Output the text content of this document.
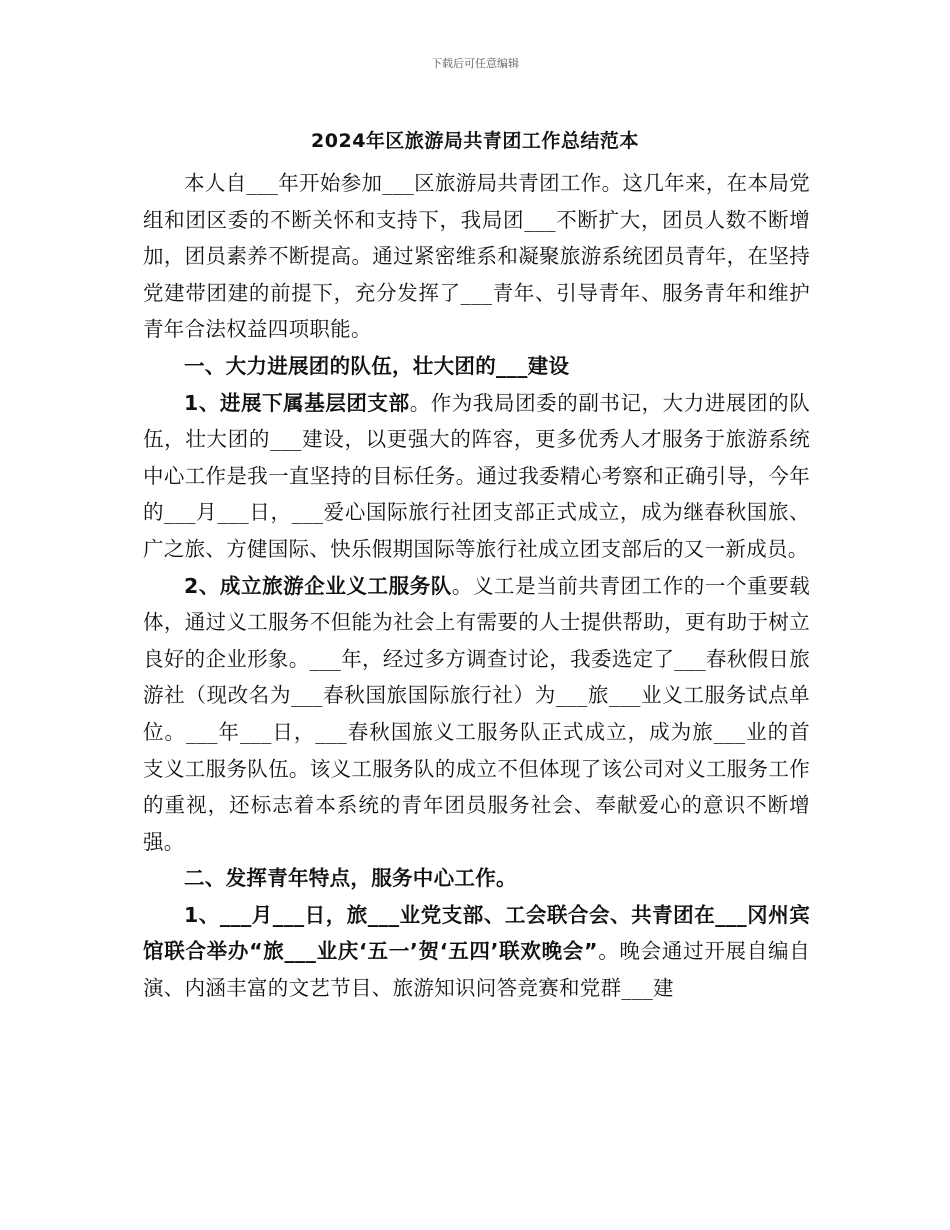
下载后可任意编辑
2024年区旅游局共青团工作总结范本

本人自___年开始参加___区旅游局共青团工作。这几年来，在本局党组和团区委的不断关怀和支持下，我局团___不断扩大，团员人数不断增加，团员素养不断提高。通过紧密维系和凝聚旅游系统团员青年，在坚持党建带团建的前提下，充分发挥了___青年、引导青年、服务青年和维护青年合法权益四项职能。

一、大力进展团的队伍，壮大团的___建设

1、进展下属基层团支部。作为我局团委的副书记，大力进展团的队伍，壮大团的___建设，以更强大的阵容，更多优秀人才服务于旅游系统中心工作是我一直坚持的目标任务。通过我委精心考察和正确引导，今年的___月___日，___爱心国际旅行社团支部正式成立，成为继春秋国旅、广之旅、方健国际、快乐假期国际等旅行社成立团支部后的又一新成员。

2、成立旅游企业义工服务队。义工是当前共青团工作的一个重要载体，通过义工服务不但能为社会上有需要的人士提供帮助，更有助于树立良好的企业形象。___年，经过多方调查讨论，我委选定了___春秋假日旅游社（现改名为___春秋国旅国际旅行社）为___旅___业义工服务试点单位。___年___日，___春秋国旅义工服务队正式成立，成为旅___业的首支义工服务队伍。该义工服务队的成立不但体现了该公司对义工服务工作的重视，还标志着本系统的青年团员服务社会、奉献爱心的意识不断增强。

二、发挥青年特点，服务中心工作。

1、___月___日，旅___业党支部、工会联合会、共青团在___冈州宾馆联合举办“旅___业庆‘五一’贺‘五四’联欢晚会”。晚会通过开展自编自演、内涵丰富的文艺节目、旅游知识问答竞赛和党群___建
